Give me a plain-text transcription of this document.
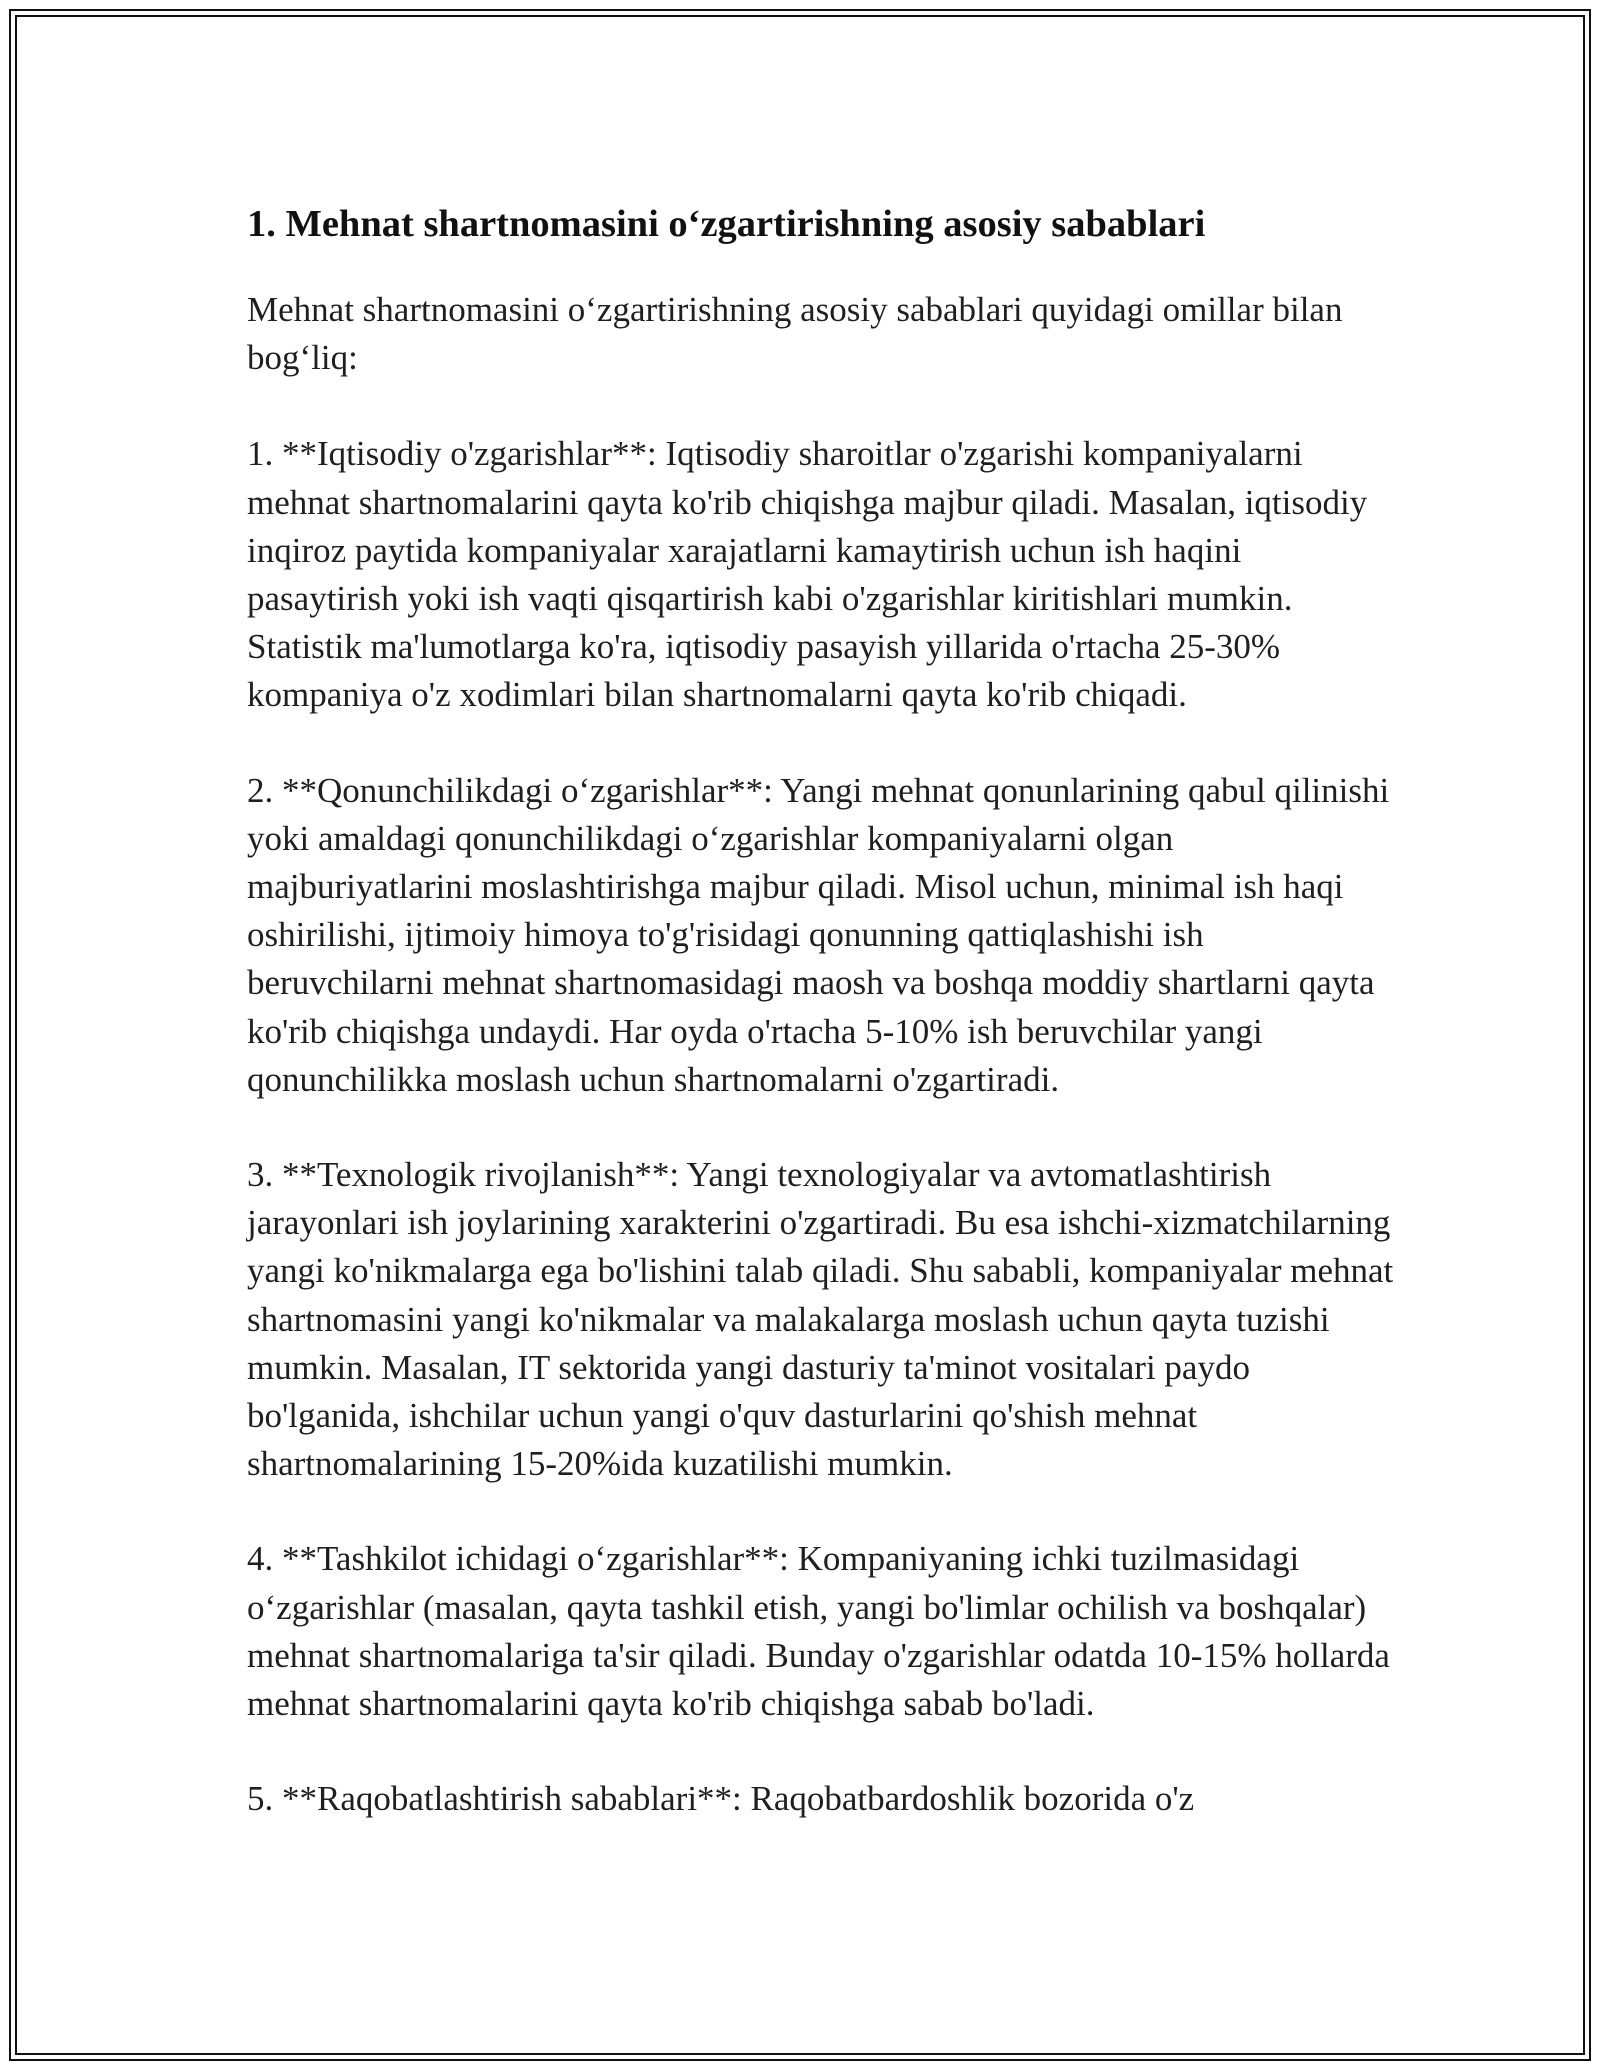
1. Mehnat shartnomasini o‘zgartirishning asosiy sabablari

Mehnat shartnomasini o‘zgartirishning asosiy sabablari quyidagi omillar bilan bog‘liq:

1. **Iqtisodiy o'zgarishlar**: Iqtisodiy sharoitlar o'zgarishi kompaniyalarni mehnat shartnomalarini qayta ko'rib chiqishga majbur qiladi. Masalan, iqtisodiy inqiroz paytida kompaniyalar xarajatlarni kamaytirish uchun ish haqini pasaytirish yoki ish vaqti qisqartirish kabi o'zgarishlar kiritishlari mumkin. Statistik ma'lumotlarga ko'ra, iqtisodiy pasayish yillarida o'rtacha 25-30% kompaniya o'z xodimlari bilan shartnomalarni qayta ko'rib chiqadi.

2. **Qonunchilikdagi o‘zgarishlar**: Yangi mehnat qonunlarining qabul qilinishi yoki amaldagi qonunchilikdagi o‘zgarishlar kompaniyalarni olgan majburiyatlarini moslashtirishga majbur qiladi. Misol uchun, minimal ish haqi oshirilishi, ijtimoiy himoya to'g'risidagi qonunning qattiqlashishi ish beruvchilarni mehnat shartnomasidagi maosh va boshqa moddiy shartlarni qayta ko'rib chiqishga undaydi. Har oyda o'rtacha 5-10% ish beruvchilar yangi qonunchilikka moslash uchun shartnomalarni o'zgartiradi.

3. **Texnologik rivojlanish**: Yangi texnologiyalar va avtomatlashtirish jarayonlari ish joylarining xarakterini o'zgartiradi. Bu esa ishchi-xizmatchilarning yangi ko'nikmalarga ega bo'lishini talab qiladi. Shu sababli, kompaniyalar mehnat shartnomasini yangi ko'nikmalar va malakalarga moslash uchun qayta tuzishi mumkin. Masalan, IT sektorida yangi dasturiy ta'minot vositalari paydo bo'lganida, ishchilar uchun yangi o'quv dasturlarini qo'shish mehnat shartnomalarining 15-20%ida kuzatilishi mumkin.

4. **Tashkilot ichidagi o‘zgarishlar**: Kompaniyaning ichki tuzilmasidagi o‘zgarishlar (masalan, qayta tashkil etish, yangi bo'limlar ochilish va boshqalar) mehnat shartnomalariga ta'sir qiladi. Bunday o'zgarishlar odatda 10-15% hollarda mehnat shartnomalarini qayta ko'rib chiqishga sabab bo'ladi.

5. **Raqobatlashtirish sabablari**: Raqobatbardoshlik bozorida o'z
